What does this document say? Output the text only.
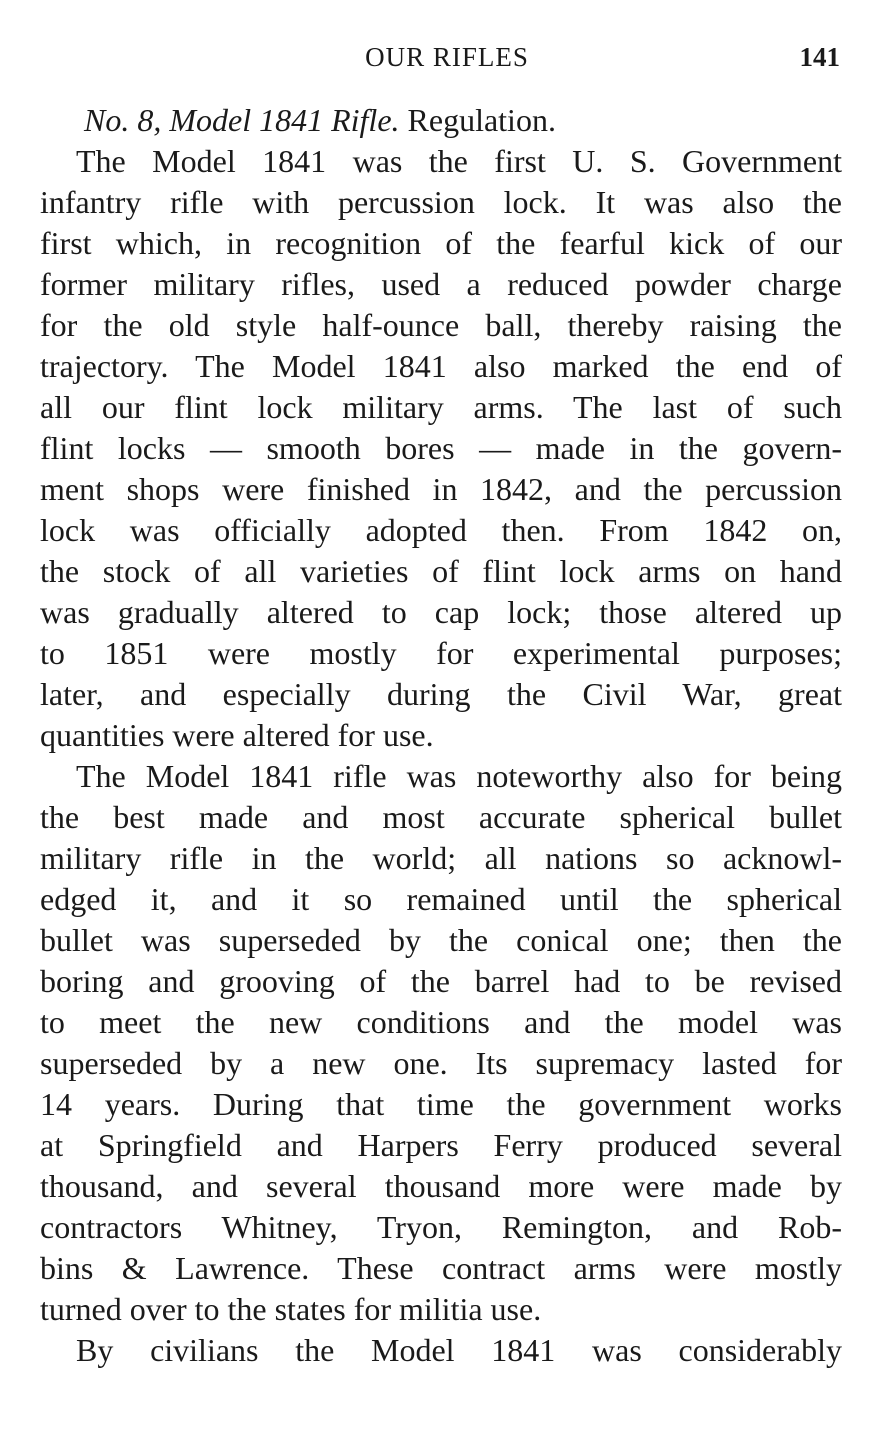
OUR RIFLES	141
No. 8, Model 1841 Rifle. Regulation.
The Model 1841 was the first U. S. Government
infantry rifle with percussion lock. It was also the
first which, in recognition of the fearful kick of our
former military rifles, used a reduced powder charge
for the old style half-ounce ball, thereby raising the
trajectory. The Model 1841 also marked the end of
all our flint lock military arms. The last of such
flint locks — smooth bores — made in the govern-
ment shops were finished in 1842, and the percussion
lock was officially adopted then. From 1842 on,
the stock of all varieties of flint lock arms on hand
was gradually altered to cap lock; those altered up
to 1851 were mostly for experimental purposes;
later, and especially during the Civil War, great
quantities were altered for use.
The Model 1841 rifle was noteworthy also for being
the best made and most accurate spherical bullet
military rifle in the world; all nations so acknowl-
edged it, and it so remained until the spherical
bullet was superseded by the conical one; then the
boring and grooving of the barrel had to be revised
to meet the new conditions and the model was
superseded by a new one. Its supremacy lasted for
14 years. During that time the government works
at Springfield and Harpers Ferry produced several
thousand, and several thousand more were made by
contractors Whitney, Tryon, Remington, and Rob-
bins & Lawrence. These contract arms were mostly
turned over to the states for militia use.
By civilians the Model 1841 was considerably
